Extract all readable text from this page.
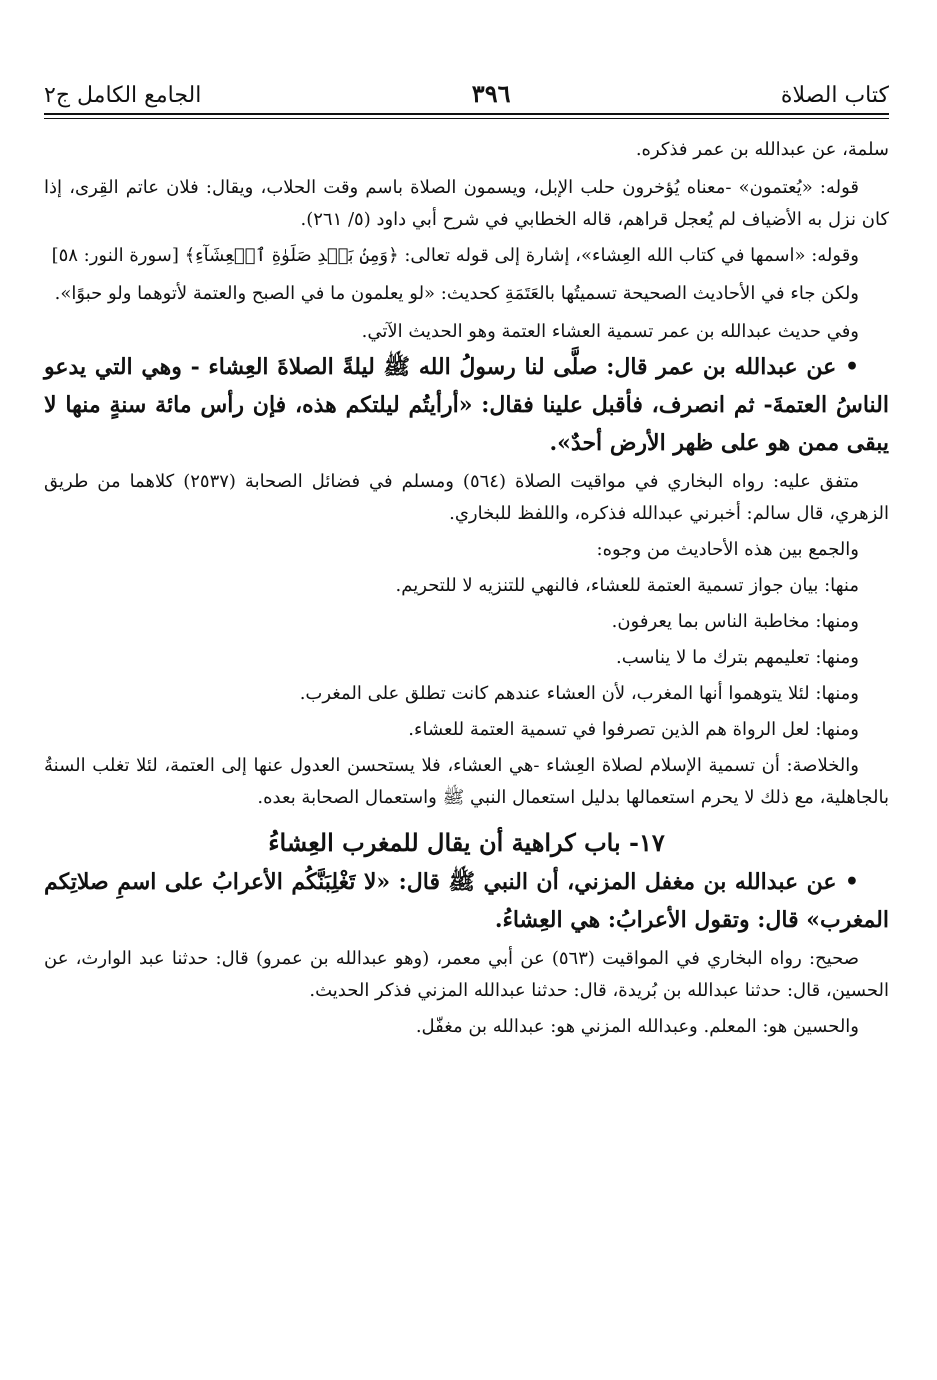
كتاب الصلاة
٣٩٦
الجامع الكامل ج٢

سلمة، عن عبدالله بن عمر فذكره.

قوله: «يُعتمون» -معناه يُؤخرون حلب الإبل، ويسمون الصلاة باسم وقت الحلاب، ويقال: فلان عاتم القِرى، إذا كان نزل به الأضياف لم يُعجل قراهم، قاله الخطابي في شرح أبي داود (٥/ ٢٦١).

وقوله: «اسمها في كتاب الله العِشاء»، إشارة إلى قوله تعالى: ﴿وَمِنۢ بَعۡدِ صَلَوٰةِ ٱلۡعِشَآءِ﴾ [سورة النور: ٥٨]

ولكن جاء في الأحاديث الصحيحة تسميتُها بالعَتَمَةِ كحديث: «لو يعلمون ما في الصبح والعتمة لأتوهما ولو حبوًا».

وفي حديث عبدالله بن عمر تسمية العشاء العتمة وهو الحديث الآتي.

• عن عبدالله بن عمر قال: صلَّى لنا رسولُ الله ﷺ ليلةً الصلاةَ العِشاء - وهي التي يدعو الناسُ العتمةَ- ثم انصرف، فأقبل علينا فقال: «أرأيتُم ليلتكم هذه، فإن رأس مائة سنةٍ منها لا يبقى ممن هو على ظهر الأرض أحدٌ».

متفق عليه: رواه البخاري في مواقيت الصلاة (٥٦٤) ومسلم في فضائل الصحابة (٢٥٣٧) كلاهما من طريق الزهري، قال سالم: أخبرني عبدالله فذكره، واللفظ للبخاري.

والجمع بين هذه الأحاديث من وجوه:

منها: بيان جواز تسمية العتمة للعشاء، فالنهي للتنزيه لا للتحريم.

ومنها: مخاطبة الناس بما يعرفون.

ومنها: تعليمهم بترك ما لا يناسب.

ومنها: لئلا يتوهموا أنها المغرب، لأن العشاء عندهم كانت تطلق على المغرب.

ومنها: لعل الرواة هم الذين تصرفوا في تسمية العتمة للعشاء.

والخلاصة: أن تسمية الإسلام لصلاة العِشاء -هي العشاء، فلا يستحسن العدول عنها إلى العتمة، لئلا تغلب السنةُ بالجاهلية، مع ذلك لا يحرم استعمالها بدليل استعمال النبي ﷺ واستعمال الصحابة بعده.

١٧- باب كراهية أن يقال للمغرب العِشاءُ

• عن عبدالله بن مغفل المزني، أن النبي ﷺ قال: «لا تَغْلِبَنَّكُم الأعرابُ على اسمِ صلاتِكم المغرب» قال: وتقول الأعرابُ: هي العِشاءُ.

صحيح: رواه البخاري في المواقيت (٥٦٣) عن أبي معمر، (وهو عبدالله بن عمرو) قال: حدثنا عبد الوارث، عن الحسين، قال: حدثنا عبدالله بن بُريدة، قال: حدثنا عبدالله المزني فذكر الحديث.

والحسين هو: المعلم. وعبدالله المزني هو: عبدالله بن مغفّل.
